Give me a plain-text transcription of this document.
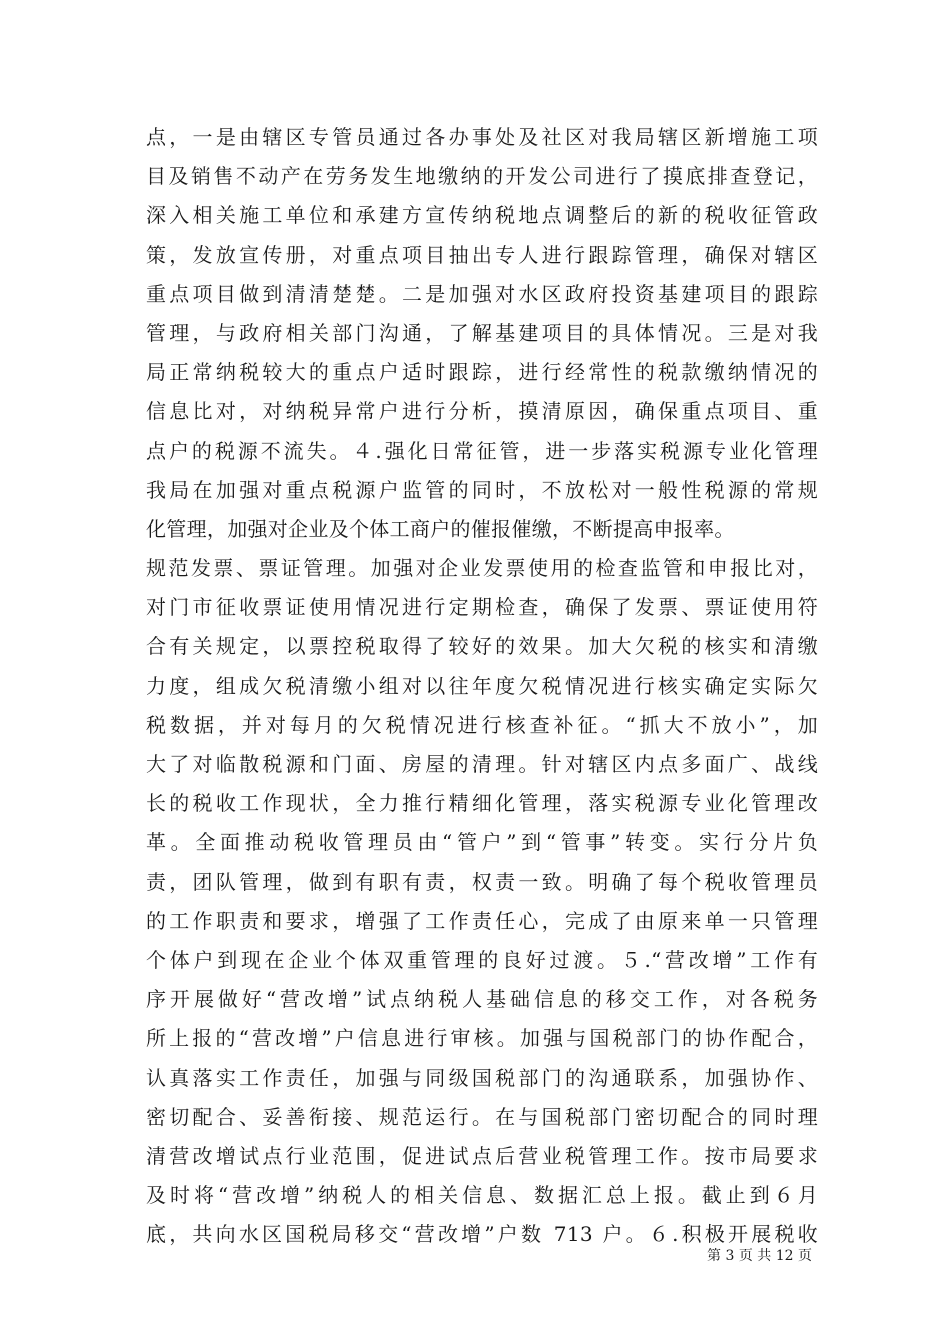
点，一是由辖区专管员通过各办事处及社区对我局辖区新增施工项
目及销售不动产在劳务发生地缴纳的开发公司进行了摸底排查登记，
深入相关施工单位和承建方宣传纳税地点调整后的新的税收征管政
策，发放宣传册，对重点项目抽出专人进行跟踪管理，确保对辖区
重点项目做到清清楚楚。二是加强对水区政府投资基建项目的跟踪
管理，与政府相关部门沟通，了解基建项目的具体情况。三是对我
局正常纳税较大的重点户适时跟踪，进行经常性的税款缴纳情况的
信息比对，对纳税异常户进行分析，摸清原因，确保重点项目、重
点户的税源不流失。４.强化日常征管，进一步落实税源专业化管理
我局在加强对重点税源户监管的同时，不放松对一般性税源的常规
化管理，加强对企业及个体工商户的催报催缴，不断提高申报率。
规范发票、票证管理。加强对企业发票使用的检查监管和申报比对，
对门市征收票证使用情况进行定期检查，确保了发票、票证使用符
合有关规定，以票控税取得了较好的效果。加大欠税的核实和清缴
力度，组成欠税清缴小组对以往年度欠税情况进行核实确定实际欠
税数据，并对每月的欠税情况进行核查补征。“抓大不放小”，加
大了对临散税源和门面、房屋的清理。针对辖区内点多面广、战线
长的税收工作现状，全力推行精细化管理，落实税源专业化管理改
革。全面推动税收管理员由“管户”到“管事”转变。实行分片负
责，团队管理，做到有职有责，权责一致。明确了每个税收管理员
的工作职责和要求，增强了工作责任心，完成了由原来单一只管理
个体户到现在企业个体双重管理的良好过渡。５.“营改增”工作有
序开展做好“营改增”试点纳税人基础信息的移交工作，对各税务
所上报的“营改增”户信息进行审核。加强与国税部门的协作配合，
认真落实工作责任，加强与同级国税部门的沟通联系，加强协作、
密切配合、妥善衔接、规范运行。在与国税部门密切配合的同时理
清营改增试点行业范围，促进试点后营业税管理工作。按市局要求
及时将“营改增”纳税人的相关信息、数据汇总上报。截止到６月
底，共向水区国税局移交“营改增”户数 713 户。６.积极开展税收
第 3 页 共 12 页
